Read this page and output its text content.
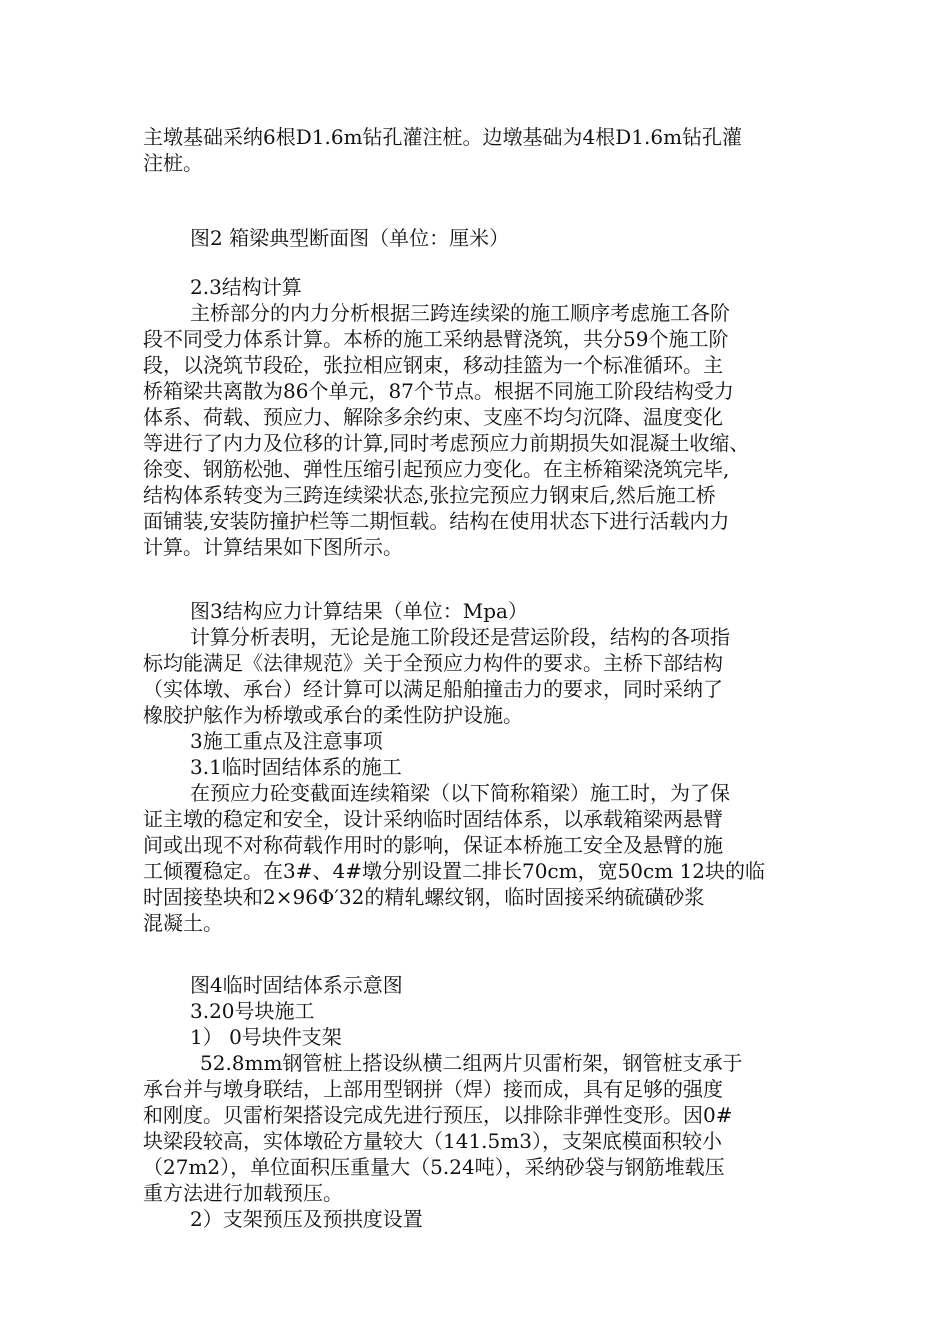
主墩基础采纳6根D1.6m钻孔灌注桩。边墩基础为4根D1.6m钻孔灌
注桩。
图2 箱梁典型断面图（单位：厘米）
2.3结构计算
主桥部分的内力分析根据三跨连续梁的施工顺序考虑施工各阶
段不同受力体系计算。本桥的施工采纳悬臂浇筑，共分59个施工阶
段，以浇筑节段砼，张拉相应钢束，移动挂篮为一个标准循环。主
桥箱梁共离散为86个单元，87个节点。根据不同施工阶段结构受力
体系、荷载、预应力、解除多余约束、支座不均匀沉降、温度变化
等进行了内力及位移的计算,同时考虑预应力前期损失如混凝土收缩、
徐变、钢筋松弛、弹性压缩引起预应力变化。在主桥箱梁浇筑完毕,
结构体系转变为三跨连续梁状态,张拉完预应力钢束后,然后施工桥
面铺装,安装防撞护栏等二期恒载。结构在使用状态下进行活载内力
计算。计算结果如下图所示。
图3结构应力计算结果（单位：Mpa）
计算分析表明，无论是施工阶段还是营运阶段，结构的各项指
标均能满足《法律规范》关于全预应力构件的要求。主桥下部结构
（实体墩、承台）经计算可以满足船舶撞击力的要求，同时采纳了
橡胶护舷作为桥墩或承台的柔性防护设施。
3施工重点及注意事项
3.1临时固结体系的施工
在预应力砼变截面连续箱梁（以下简称箱梁）施工时，为了保
证主墩的稳定和安全，设计采纳临时固结体系，以承载箱梁两悬臂
间或出现不对称荷载作用时的影响，保证本桥施工安全及悬臂的施
工倾覆稳定。在3#、4#墩分别设置二排长70cm，宽50cm 12块的临
时固接垫块和2×96Φ′32的精轧螺纹钢，临时固接采纳硫磺砂浆
混凝土。
图4临时固结体系示意图
3.20号块施工
1） 0号块件支架
52.8mm钢管桩上搭设纵横二组两片贝雷桁架，钢管桩支承于
承台并与墩身联结，上部用型钢拼（焊）接而成，具有足够的强度
和刚度。贝雷桁架搭设完成先进行预压，以排除非弹性变形。因0#
块梁段较高，实体墩砼方量较大（141.5m3），支架底模面积较小
（27m2），单位面积压重量大（5.24吨），采纳砂袋与钢筋堆载压
重方法进行加载预压。
2）支架预压及预拱度设置
